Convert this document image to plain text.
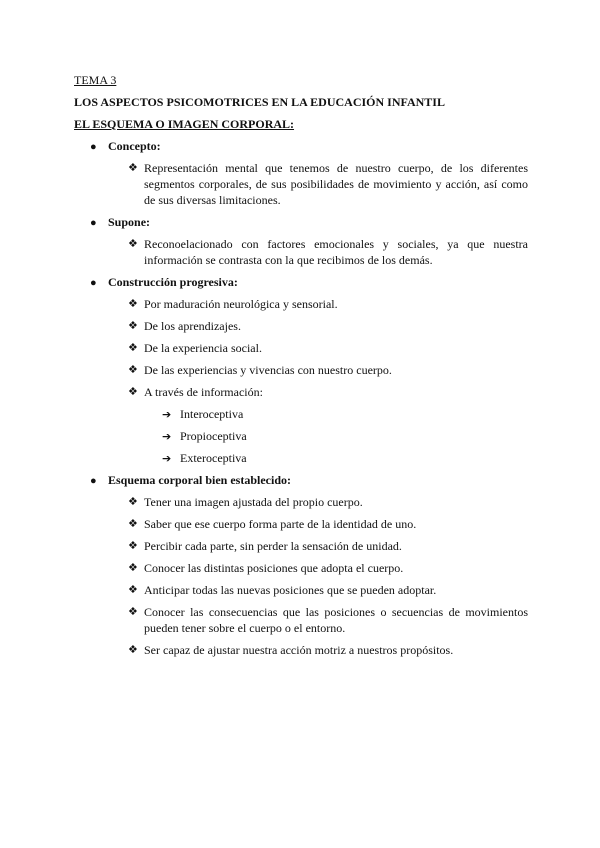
TEMA 3
LOS ASPECTOS PSICOMOTRICES EN LA EDUCACIÓN INFANTIL
EL ESQUEMA O IMAGEN CORPORAL:
● Concepto:
❖ Representación mental que tenemos de nuestro cuerpo, de los diferentes segmentos corporales, de sus posibilidades de movimiento y acción, así como de sus diversas limitaciones.
● Supone:
❖ Reconoelacionado con factores emocionales y sociales, ya que nuestra información se contrasta con la que recibimos de los demás.
● Construcción progresiva:
❖ Por maduración neurológica y sensorial.
❖ De los aprendizajes.
❖ De la experiencia social.
❖ De las experiencias y vivencias con nuestro cuerpo.
❖ A través de información:
➔ Interoceptiva
➔ Propioceptiva
➔ Exteroceptiva
● Esquema corporal bien establecido:
❖ Tener una imagen ajustada del propio cuerpo.
❖ Saber que ese cuerpo forma parte de la identidad de uno.
❖ Percibir cada parte, sin perder la sensación de unidad.
❖ Conocer las distintas posiciones que adopta el cuerpo.
❖ Anticipar todas las nuevas posiciones que se pueden adoptar.
❖ Conocer las consecuencias que las posiciones o secuencias de movimientos pueden tener sobre el cuerpo o el entorno.
❖ Ser capaz de ajustar nuestra acción motriz a nuestros propósitos.
